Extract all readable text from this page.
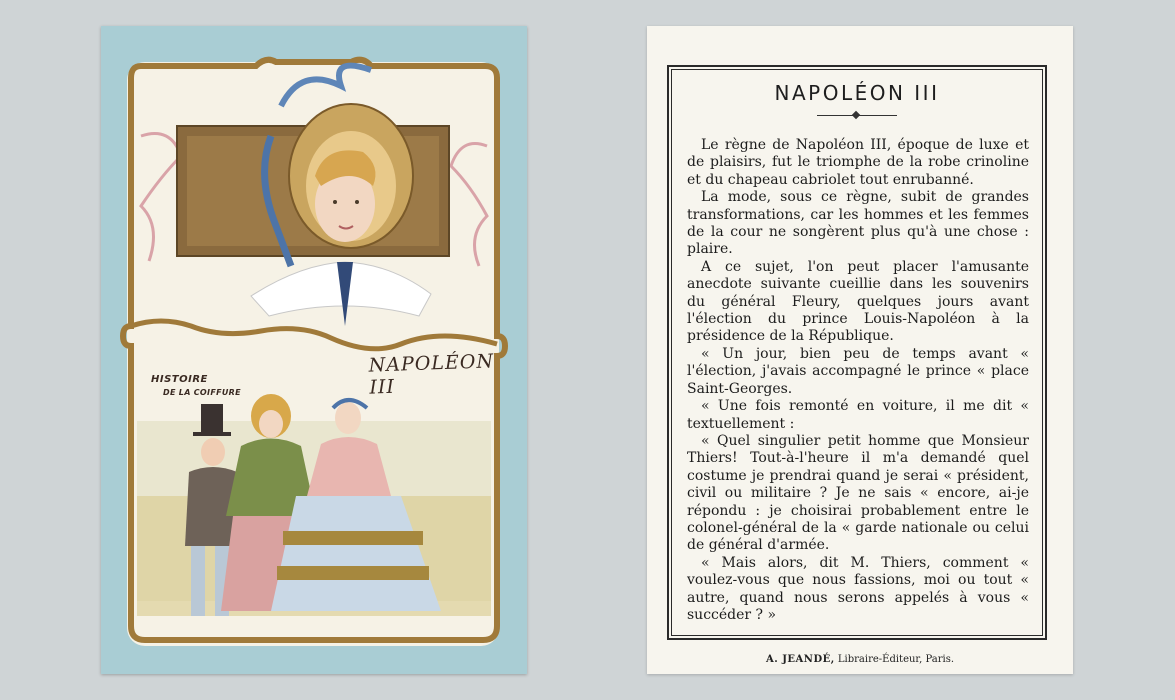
NAPOLÉON III
HISTOIRE
DE LA COIFFURE
NAPOLÉON III

Le règne de Napoléon III, époque de luxe et de plaisirs, fut le triomphe de la robe crinoline et du chapeau cabriolet tout enrubanné.

La mode, sous ce règne, subit de grandes transformations, car les hommes et les femmes de la cour ne songèrent plus qu'à une chose : plaire.

A ce sujet, l'on peut placer l'amusante anecdote suivante cueillie dans les souvenirs du général Fleury, quelques jours avant l'élection du prince Louis-Napoléon à la présidence de la République.

« Un jour, bien peu de temps avant « l'élection, j'avais accompagné le prince « place Saint-Georges.

« Une fois remonté en voiture, il me dit « textuellement :

« Quel singulier petit homme que Monsieur Thiers! Tout-à-l'heure il m'a demandé quel costume je prendrai quand je serai « président, civil ou militaire ? Je ne sais « encore, ai-je répondu : je choisirai probablement entre le colonel-général de la « garde nationale ou celui de général d'armée.

« Mais alors, dit M. Thiers, comment « voulez-vous que nous fassions, moi ou tout « autre, quand nous serons appelés à vous « succéder ? »

A. JEANDÉ, Libraire-Éditeur, Paris.
